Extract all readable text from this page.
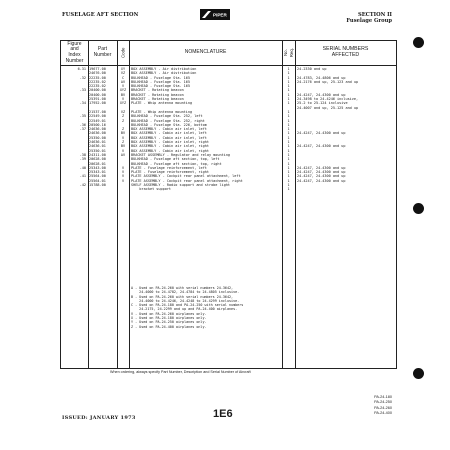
FUSELAGE AFT SECTION	PIPER	SECTION II
Fuselage Group
Figure
and
Index
Number
Part
Number	Code	NOMENCLATURE	No.
Req.	SERIAL NUMBERS
AFFECTED
6-31 19677-00	XY	BOX ASSEMBLY - Air distribution	1	24-2330 and up
24676-00	VZ	BOX ASSEMBLY - Air distribution	1
-32 22235-00	C	BULKHEAD - Fuselage Sta. 165	1	24-4783, 24-4806 and up
22235-02	AV	BULKHEAD - Fuselage Sta. 165	1	24-2176 and up, 25-123 and up
22235-02	V	BULKHEAD - Fuselage Sta. 165	1
-33 20400-00	XYZ	BRACKET - Rotating beacon	1
20400-00	BV	BRACKET - Rotating beacon	1	24-4247, 24-4300 and up
25391-00	V	BRACKET - Rotating beacon	1	24-3498 to 24-4246 inclusive,
-34 17952-00	XYZ	PLATE - Whip antenna mounting	1	25-2 to 25-124 inclusive
24-4007 and up, 25-125 and up
21537-00	VZ	PLATE - Whip antenna mounting	1
-35 22549-00	Z	BULKHEAD - Fuselage Sta. 252, left	1
22549-01	Z	BULKHEAD - Fuselage Sta. 252, right	1
-36 20500-16	BULKHEAD - Fuselage Sta. 226, bottom	1
-37 24636-00	Z	BOX ASSEMBLY - Cabin air inlet, left	1
24636-00	BV	BOX ASSEMBLY - Cabin air inlet, left	1	24-4247, 24-4300 and up
25350-00	V	BOX ASSEMBLY - Cabin air inlet, left	1
24636-01	Z	BOX ASSEMBLY - Cabin air inlet, right	1
24636-01	BV	BOX ASSEMBLY - Cabin air inlet, right	1	24-4247, 24-4300 and up
25350-01	V	BOX ASSEMBLY - Cabin air inlet, right	1
-38 24311-00	AV	BRACKET ASSEMBLY - Regulator and relay mounting	1
-39 20628-00	BULKHEAD - Fuselage aft section, top, left	1
20628-01	BULKHEAD - Fuselage aft section, top, right	1
-40 25343-00	V	PLATE - Fuselage reinforcement, left	1	24-4247, 24-4300 and up
25343-01	V	PLATE - Fuselage reinforcement, right	1	24-4247, 24-4300 and up
-41 25564-00	V	PLATE ASSEMBLY - Cockpit rear panel attachment, left	1	24-4247, 24-4300 and up
25564-01	V	PLATE ASSEMBLY - Cockpit rear panel attachment, right	1	24-4247, 24-4300 and up
-42 15788-00	SHELF ASSEMBLY - Radio support and strobe light	1
bracket support	1
A - Used on PA-24-260 with serial numbers 24-3642,
24-4000 to 24-4782, 24-4784 to 24-4805 inclusive.
B - Used on PA-24-260 with serial numbers 24-3642,
24-4000 to 24-4246, 24-4248 to 24-4299 inclusive.
C - Used on PA-24-180 and PA-24-250 with serial numbers
24-2175, 24-2299 and up and PA-24-400 airplanes.
V - Used on PA-24-260 airplanes only.
X - Used on PA-24-180 airplanes only.
Y - Used on PA-24-250 airplanes only.
Z - Used on PA-24-400 airplanes only.
When ordering, always specify Part Number, Description and Serial Number of Aircraft
ISSUED: JANUARY 1973	1E6
PA-24-180
PA-24-250
PA-24-260
PA-24-400
